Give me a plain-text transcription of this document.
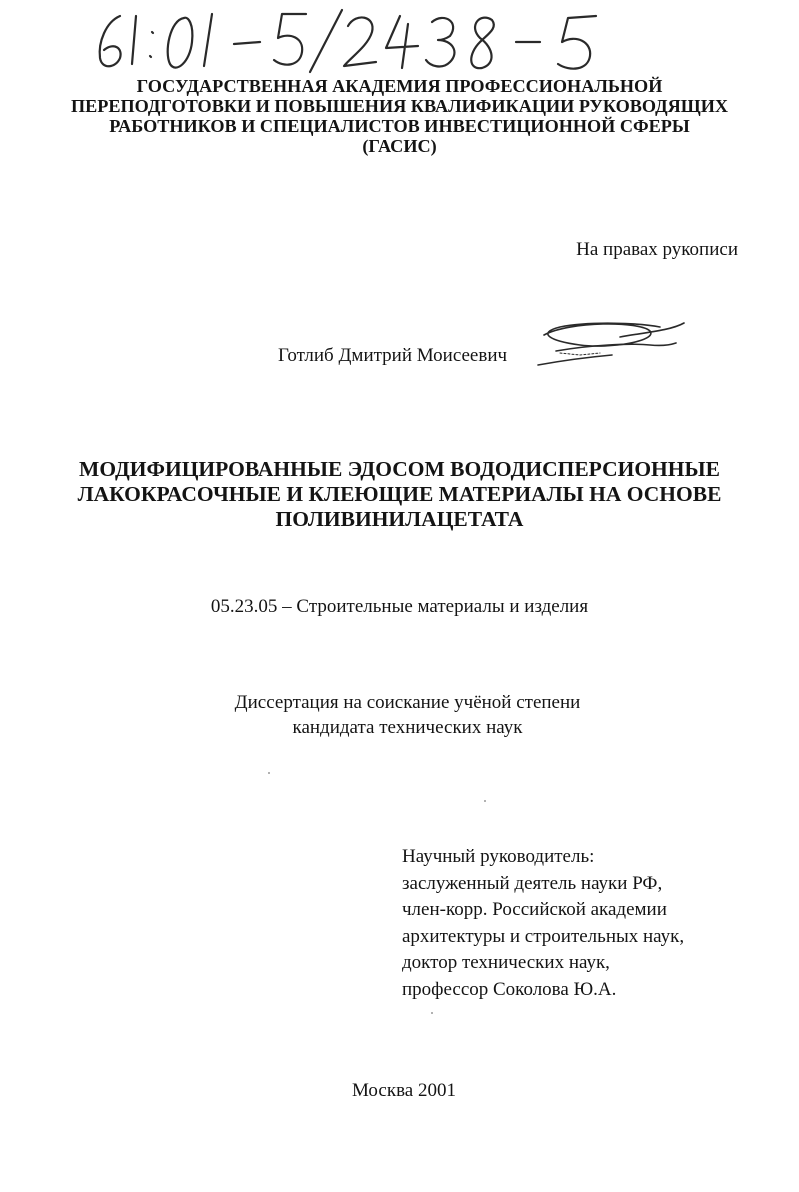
ГОСУДАРСТВЕННАЯ АКАДЕМИЯ ПРОФЕССИОНАЛЬНОЙ
ПЕРЕПОДГОТОВКИ И ПОВЫШЕНИЯ КВАЛИФИКАЦИИ РУКОВОДЯЩИХ
РАБОТНИКОВ И СПЕЦИАЛИСТОВ ИНВЕСТИЦИОННОЙ СФЕРЫ
(ГАСИС)
На правах рукописи
Готлиб Дмитрий Моисеевич
МОДИФИЦИРОВАННЫЕ ЭДОСОМ ВОДОДИСПЕРСИОННЫЕ
ЛАКОКРАСОЧНЫЕ И КЛЕЮЩИЕ МАТЕРИАЛЫ НА ОСНОВЕ
ПОЛИВИНИЛАЦЕТАТА
05.23.05 – Строительные материалы и изделия
Диссертация на соискание учёной степени
кандидата технических наук
Научный руководитель:
заслуженный деятель науки РФ,
член-корр. Российской академии
архитектуры и строительных наук,
доктор технических наук,
профессор Соколова Ю.А.
Москва 2001
